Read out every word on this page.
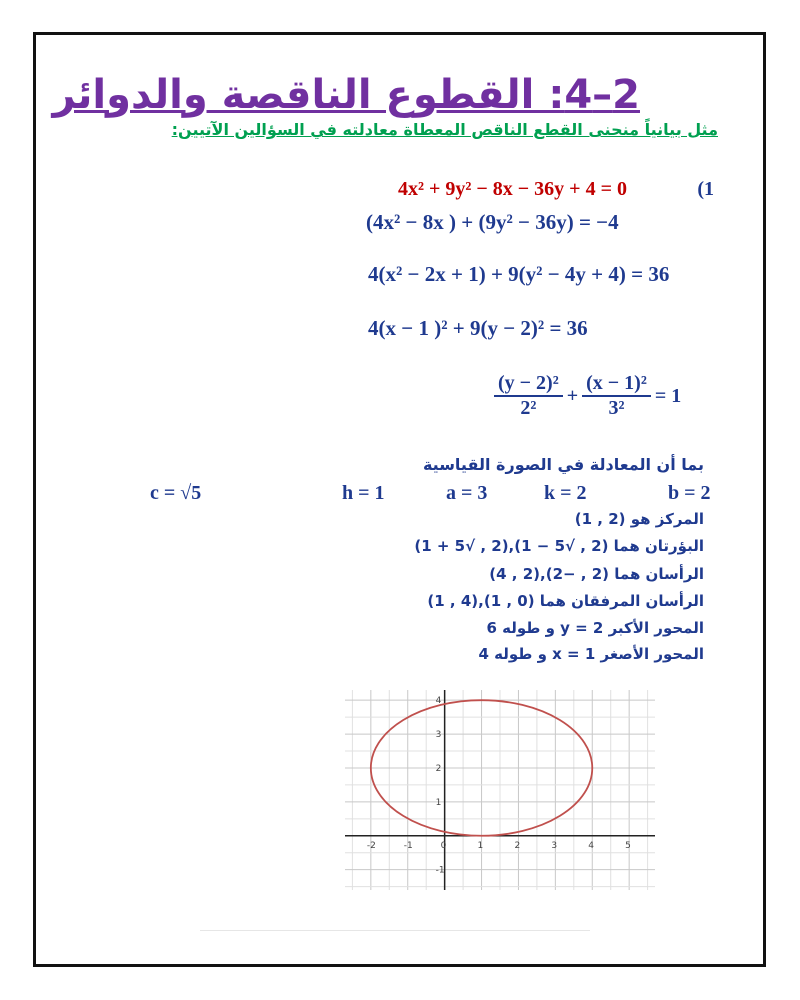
2–4: القطوع الناقصة والدوائر
مثل بيانياً منحنى القطع الناقص المعطاة معادلته في السؤالين الآتيين:
(1
4x² + 9y² − 8x − 36y + 4 = 0
(4x² − 8x ) + (9y² − 36y) = −4
4(x² − 2x + 1) + 9(y² − 4y + 4) = 36
4(x − 1 )² + 9(y − 2)² = 36
$\frac{\text{(y − 2)²}}{\text{2²}} + \frac{\text{(x − 1)²}}{\text{3²}} = 1$
بما أن المعادلة في الصورة القياسية
b = 2
k = 2
a = 3
h = 1
c = √5
المركز هو (2 , 1)
البؤرتان هما (2 , √5 − 1),(2 , √5 + 1)
الرأسان هما (2 , −2),(2 , 4)
الرأسان المرفقان هما (0 , 1),(4 , 1)
المحور الأكبر y = 2 و طوله 6
المحور الأصغر x = 1 و طوله 4
-2	-1	0	1	2	3	4	5
-1
1
2
3
4
